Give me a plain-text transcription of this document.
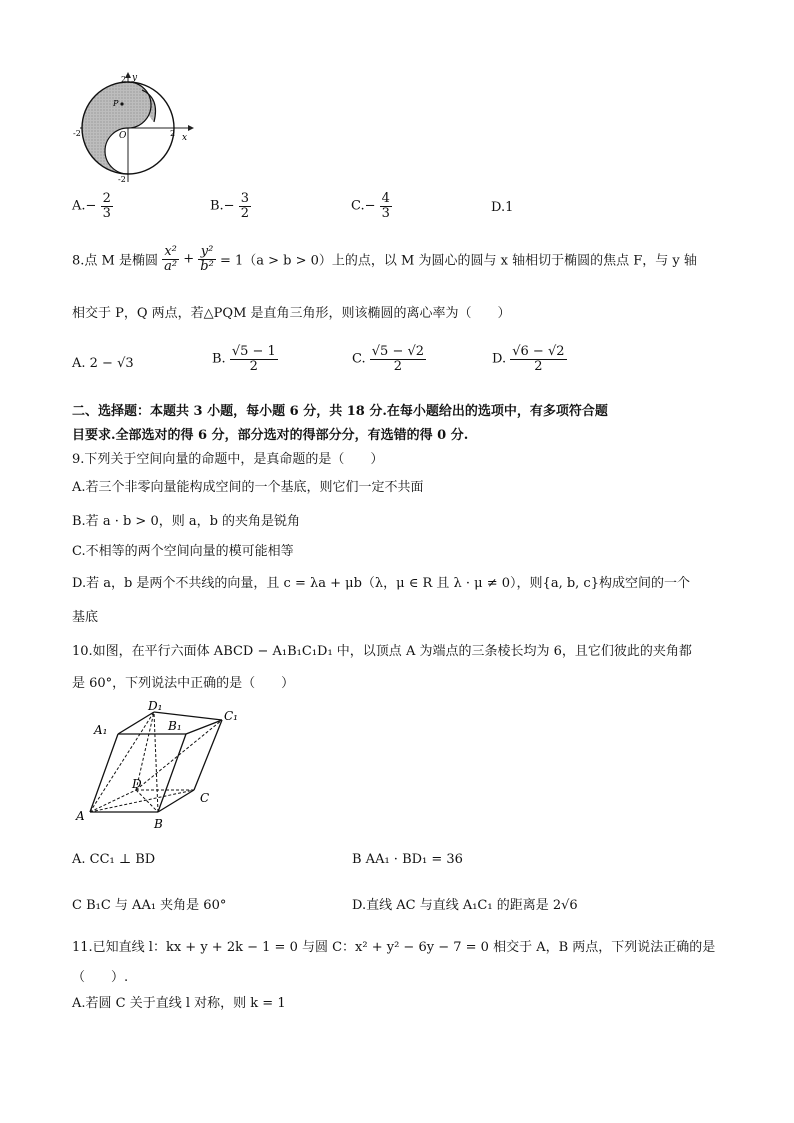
y
x
2
-2	2
-2
O
P
$A.- \frac{2}{3}$	$B.- \frac{3}{2}$	$C.- \frac{4}{3}$	D.1
8.点 M 是椭圆 $\frac{\text{x²}}{\text{a²}} + \frac{\text{y²}}{\text{b²}} = 1(a > b > 0)$上的点，以 M 为圆心的圆与 x 轴相切于椭圆的焦点 F，与 y 轴
相交于 P，Q 两点，若△PQM 是直角三角形，则该椭圆的离心率为（　　）
A. 2 − √3	B. $\frac{√5 - 1}{2}$	C. $\frac{√5 - √2}{2}$	D. $\frac{√6 - √2}{2}$
二、选择题：本题共 3 小题，每小题 6 分，共 18 分.在每小题给出的选项中，有多项符合题
目要求.全部选对的得 6 分，部分选对的得部分分，有选错的得 0 分.
9.下列关于空间向量的命题中，是真命题的是（　　）
A.若三个非零向量能构成空间的一个基底，则它们一定不共面
B.若 a · b > 0，则 a，b 的夹角是锐角
C.不相等的两个空间向量的模可能相等
D.若 a，b 是两个不共线的向量，且 c = λa + μb（λ，μ ∈ R 且 λ · μ ≠ 0），则{a, b, c}构成空间的一个
基底
10.如图，在平行六面体 ABCD − A₁B₁C₁D₁ 中，以顶点 A 为端点的三条棱长均为 6，且它们彼此的夹角都
是 60°，下列说法中正确的是（　　）
A
B
C
D
A₁	B₁
C₁
D₁
A. CC₁ ⊥ BD	B AA₁ · BD₁ = 36
C B₁C 与 AA₁ 夹角是 60°	D.直线 AC 与直线 A₁C₁ 的距离是 2√6
11.已知直线 l：kx + y + 2k − 1 = 0 与圆 C：x² + y² − 6y − 7 = 0 相交于 A，B 两点，下列说法正确的是
（　　）.
A.若圆 C 关于直线 l 对称，则 k = 1
